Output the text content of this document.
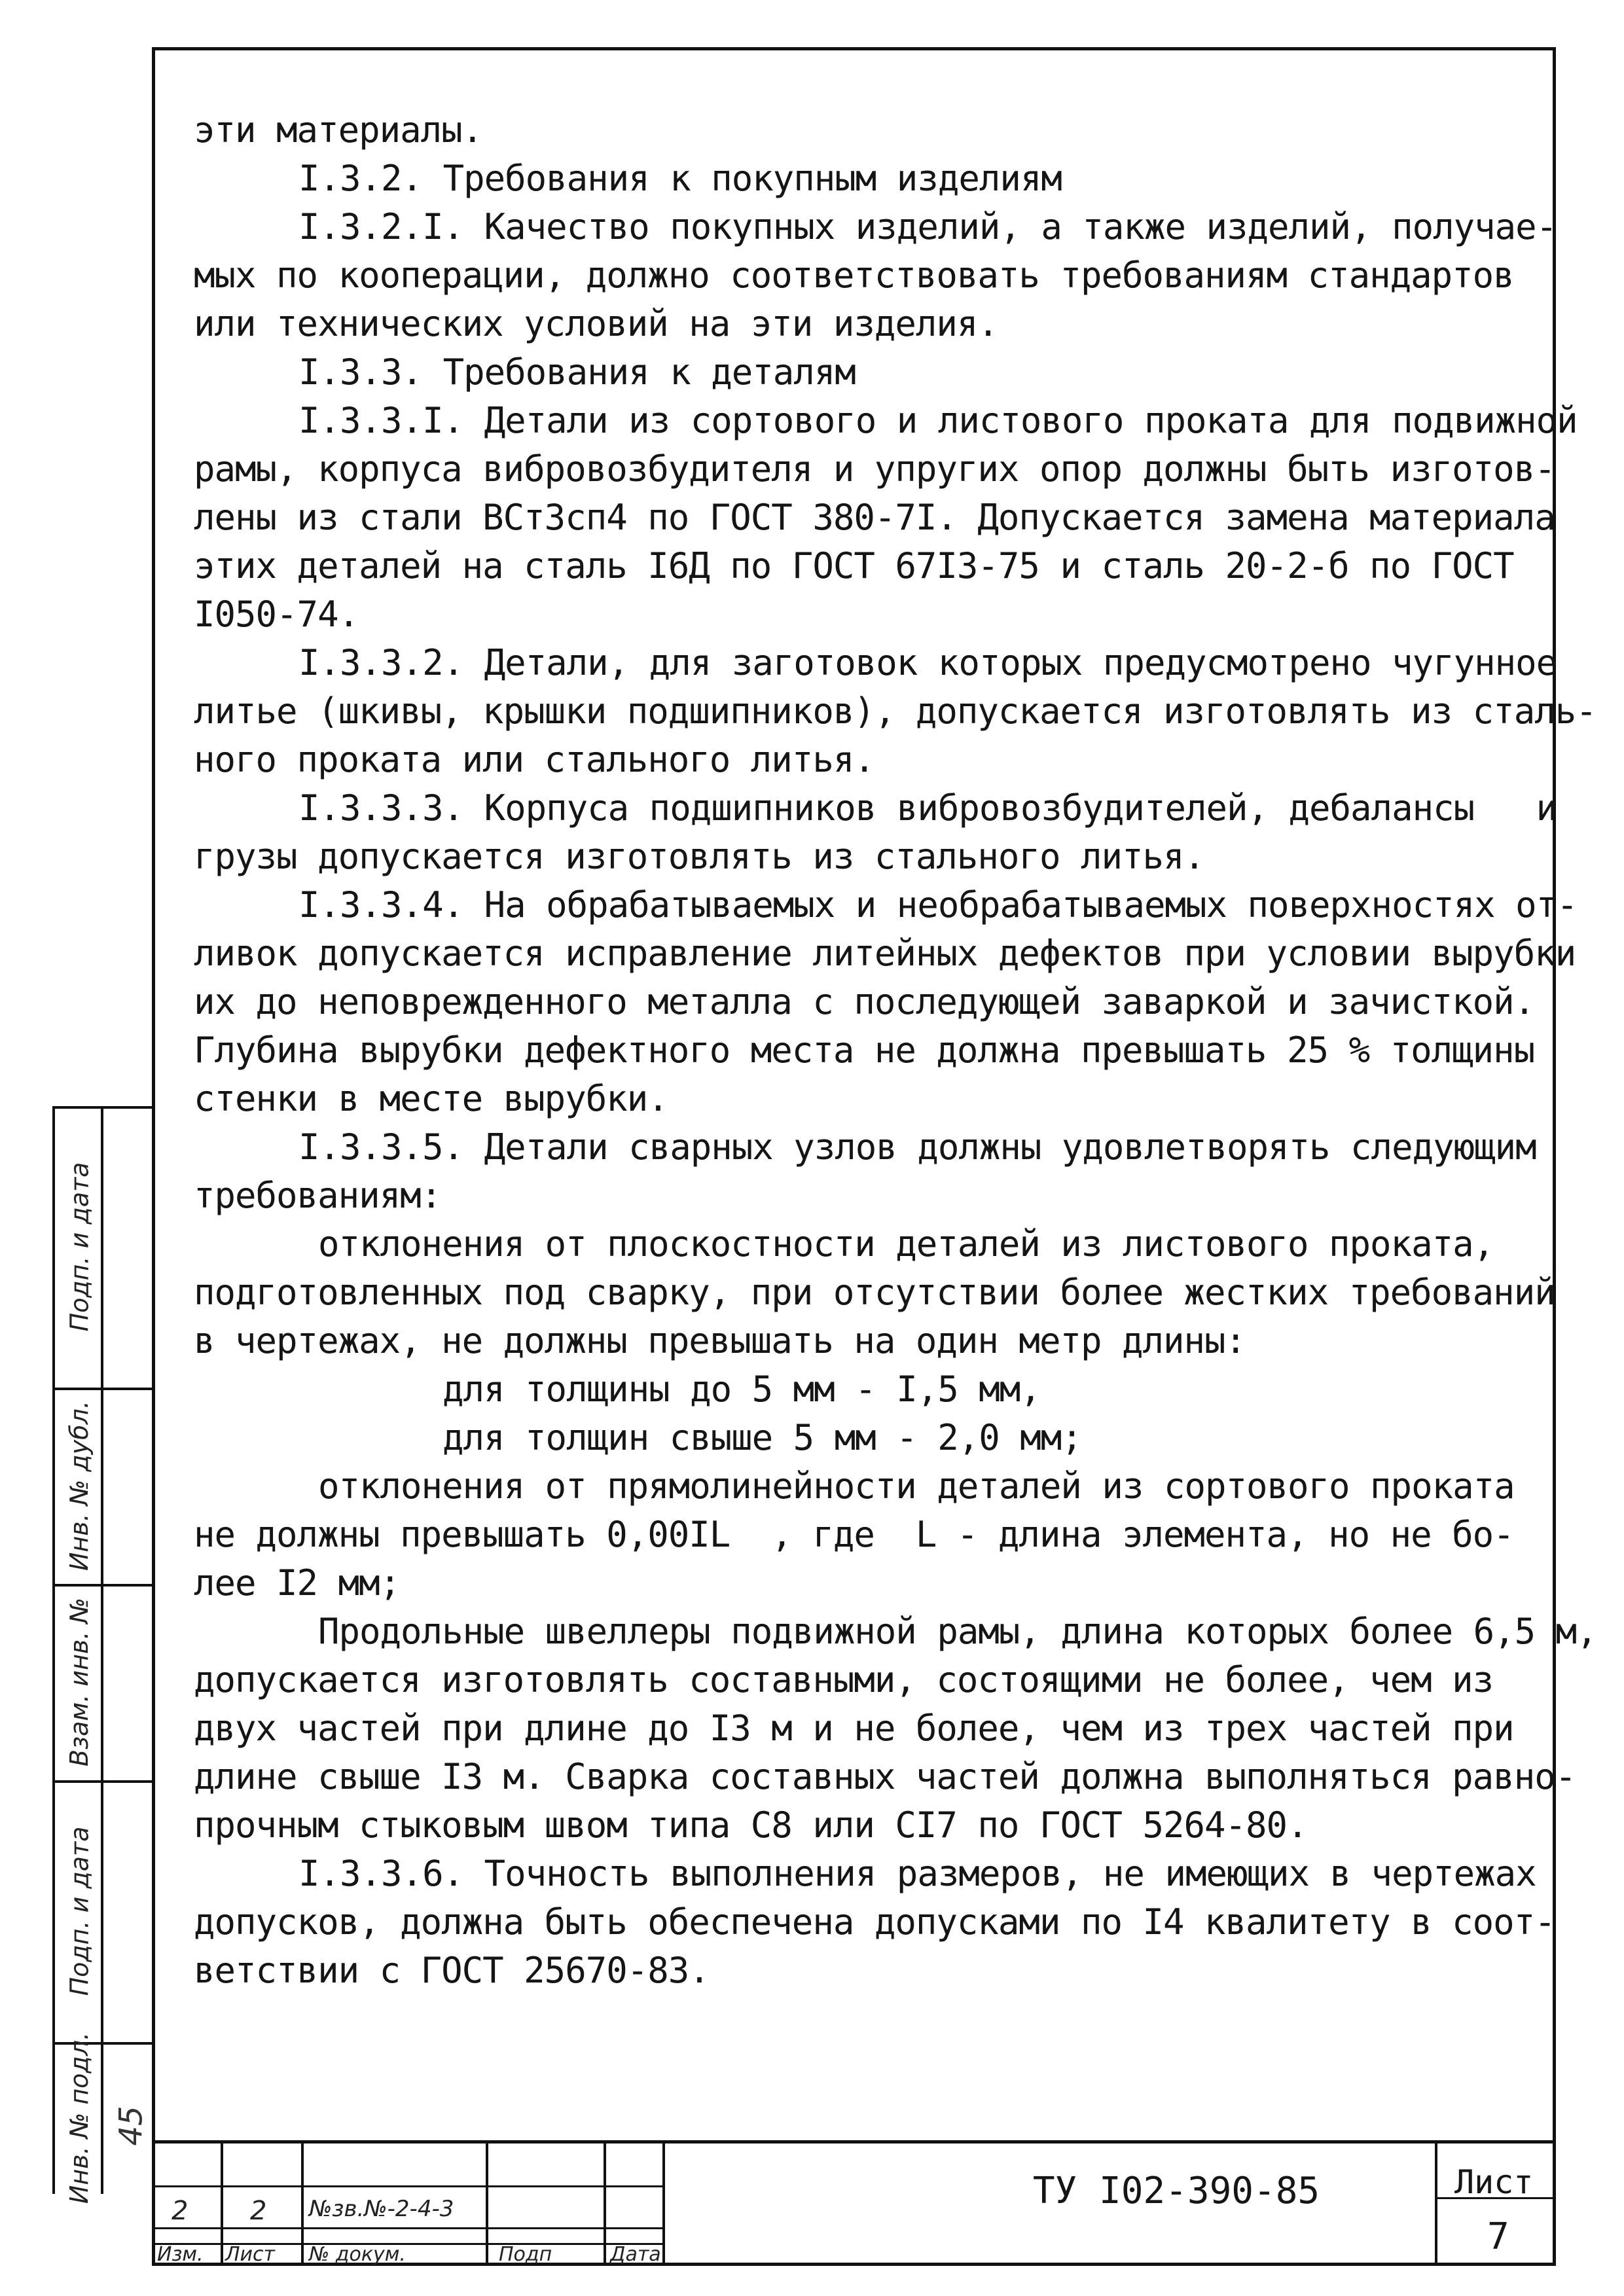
эти материалы.
I.3.2. Требования к покупным изделиям
I.3.2.I. Качество покупных изделий, а также изделий, получае-
мых по кооперации, должно соответствовать требованиям стандартов
или технических условий на эти изделия.
I.3.3. Требования к деталям
I.3.3.I. Детали из сортового и листового проката для подвижной
рамы, корпуса вибровозбудителя и упругих опор должны быть изготов-
лены из стали ВСт3сп4 по ГОСТ 380-7I. Допускается замена материала
этих деталей на сталь I6Д по ГОСТ 67I3-75 и сталь 20-2-б по ГОСТ
I050-74.
I.3.3.2. Детали, для заготовок которых предусмотрено чугунное
литье (шкивы, крышки подшипников), допускается изготовлять из сталь-
ного проката или стального литья.
I.3.3.3. Корпуса подшипников вибровозбудителей, дебалансы   и
грузы допускается изготовлять из стального литья.
I.3.3.4. На обрабатываемых и необрабатываемых поверхностях от-
ливок допускается исправление литейных дефектов при условии вырубки
их до неповрежденного металла с последующей заваркой и зачисткой.
Глубина вырубки дефектного места не должна превышать 25 % толщины
стенки в месте вырубки.
I.3.3.5. Детали сварных узлов должны удовлетворять следующим
требованиям:
отклонения от плоскостности деталей из листового проката,
подготовленных под сварку, при отсутствии более жестких требований
в чертежах, не должны превышать на один метр длины:
для толщины до 5 мм - I,5 мм,
для толщин свыше 5 мм - 2,0 мм;
отклонения от прямолинейности деталей из сортового проката
не должны превышать 0,00IL  , где  L - длина элемента, но не бо-
лее I2 мм;
Продольные швеллеры подвижной рамы, длина которых более 6,5 м,
допускается изготовлять составными, состоящими не более, чем из
двух частей при длине до I3 м и не более, чем из трех частей при
длине свыше I3 м. Сварка составных частей должна выполняться равно-
прочным стыковым швом типа С8 или СI7 по ГОСТ 5264-80.
I.3.3.6. Точность выполнения размеров, не имеющих в чертежах
допусков, должна быть обеспечена допусками по I4 квалитету в соот-
ветствии с ГОСТ 25670-83.
Подп. и дата
Инв. № дубл.
Взам. инв. №
Подп. и дата
Инв. № подл. 45
2 2 №зв.№-2-4-3
Изм. Лист № докум.	Подп	Дата
ТУ I02-390-85	Лист
7
